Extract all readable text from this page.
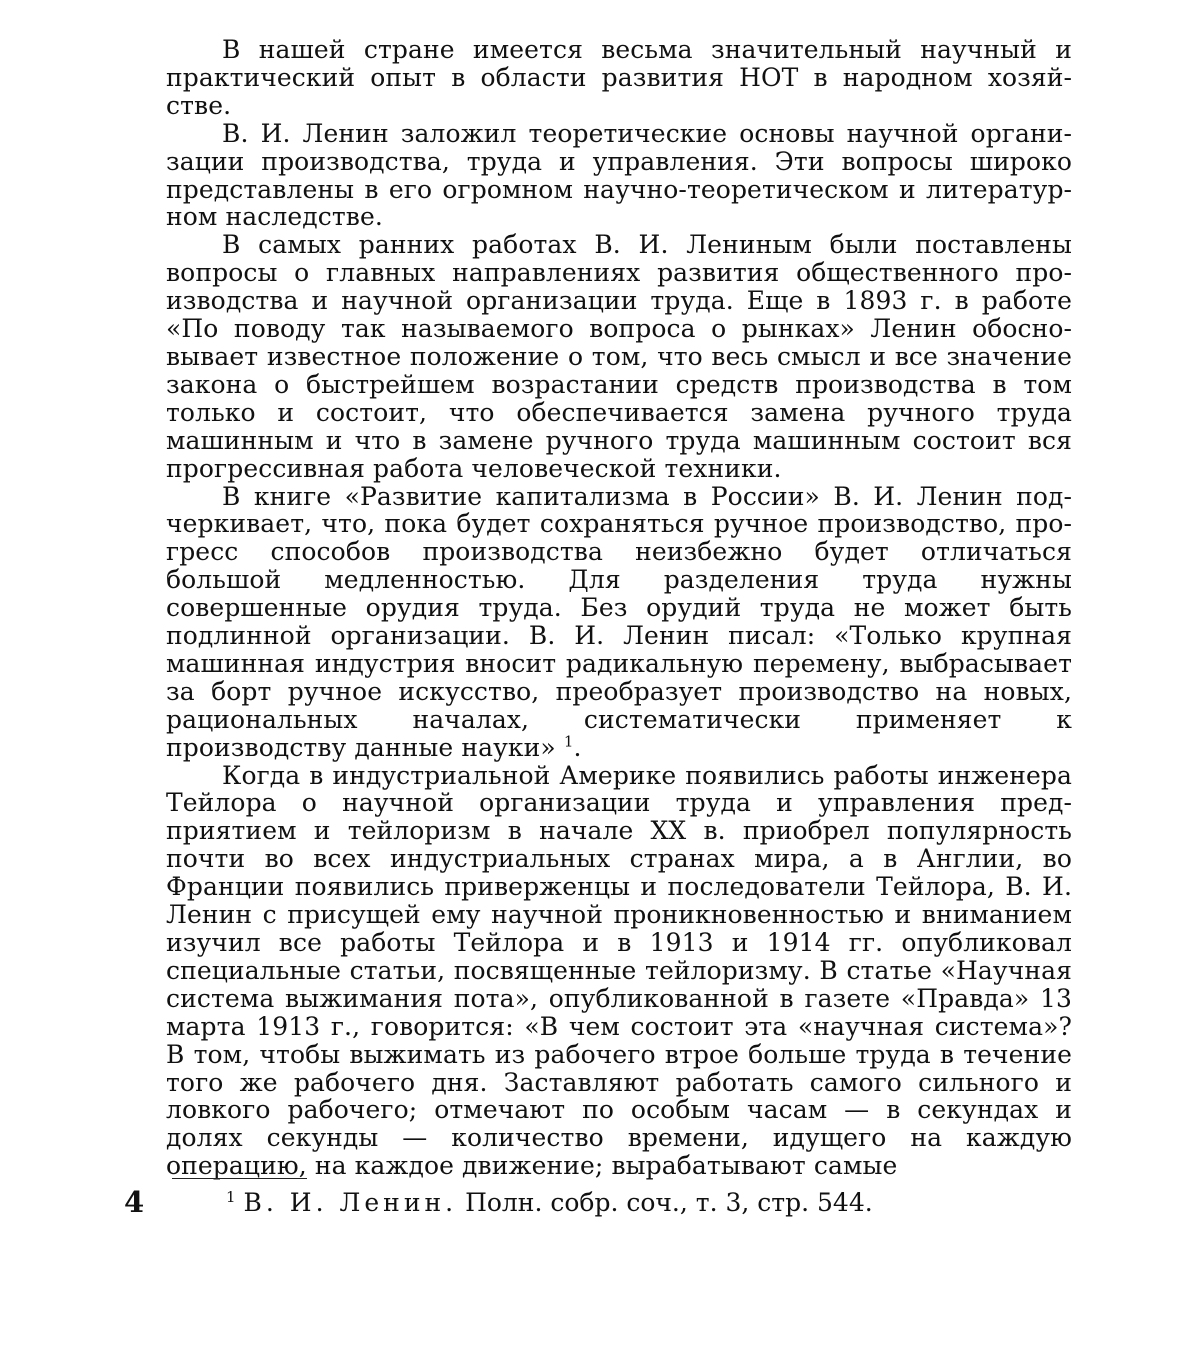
В нашей стране имеется весьма значительный научный и практический опыт в области развития НОТ в народном хозяйстве.

В. И. Ленин заложил теоретические основы научной организации производства, труда и управления. Эти вопросы широко представлены в его огромном научно-теоретическом и литературном наследстве.

В самых ранних работах В. И. Лениным были поставлены вопросы о главных направлениях развития общественного производства и научной организации труда. Еще в 1893 г. в работе «По поводу так называемого вопроса о рынках» Ленин обосновывает известное положение о том, что весь смысл и все значение закона о быстрейшем возрастании средств производства в том только и состоит, что обеспечивается замена ручного труда машинным и что в замене ручного труда машинным состоит вся прогрессивная работа человеческой техники.

В книге «Развитие капитализма в России» В. И. Ленин подчеркивает, что, пока будет сохраняться ручное производство, прогресс способов производства неизбежно будет отличаться большой медленностью. Для разделения труда нужны совершенные орудия труда. Без орудий труда не может быть подлинной организации. В. И. Ленин писал: «Только крупная машинная индустрия вносит радикальную перемену, выбрасывает за борт ручное искусство, преобразует производство на новых, рациональных началах, систематически применяет к производству данные науки» $^1$.

Когда в индустриальной Америке появились работы инженера Тейлора о научной организации труда и управления предприятием и тейлоризм в начале XX в. приобрел популярность почти во всех индустриальных странах мира, а в Англии, во Франции появились приверженцы и последователи Тейлора, В. И. Ленин с присущей ему научной проникновенностью и вниманием изучил все работы Тейлора и в 1913 и 1914 гг. опубликовал специальные статьи, посвященные тейлоризму. В статье «Научная система выжимания пота», опубликованной в газете «Правда» 13 марта 1913 г., говорится: «В чем состоит эта «научная система»? В том, чтобы выжимать из рабочего втрое больше труда в течение того же рабочего дня. Заставляют работать самого сильного и ловкого рабочего; отмечают по особым часам — в секундах и долях секунды — количество времени, идущего на каждую операцию, на каждое движение; вырабатывают самые

4	$^1$ В. И. Ленин. Полн. собр. соч., т. 3, стр. 544.
